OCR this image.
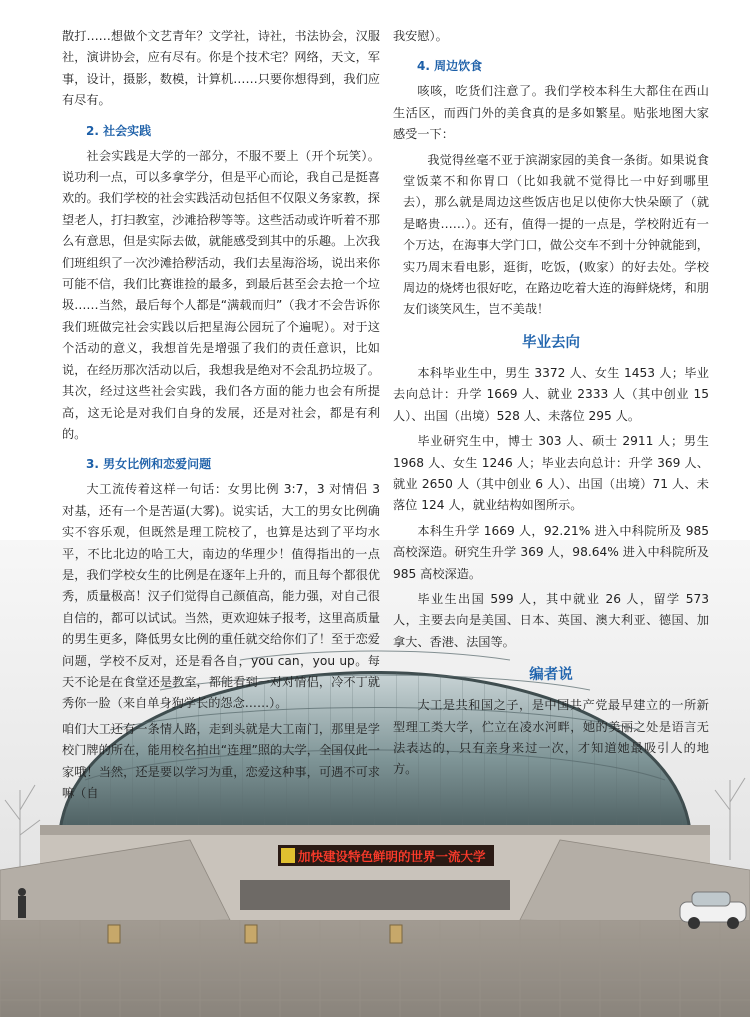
加快建设特色鲜明的世界一流大学

散打……想做个文艺青年？文学社，诗社，书法协会，汉服社，演讲协会，应有尽有。你是个技术宅？网络，天文，军事，设计，摄影，数模，计算机……只要你想得到，我们应有尽有。

2. 社会实践

社会实践是大学的一部分，不服不要上（开个玩笑）。说功利一点，可以多拿学分，但是平心而论，我自己是挺喜欢的。我们学校的社会实践活动包括但不仅限义务家教，探望老人，打扫教室，沙滩拾秽等等。这些活动或许听着不那么有意思，但是实际去做，就能感受到其中的乐趣。上次我们班组织了一次沙滩拾秽活动，我们去星海浴场，说出来你可能不信，我们比赛谁捡的最多，到最后甚至会去抢一个垃圾……当然，最后每个人都是“满载而归”（我才不会告诉你我们班做完社会实践以后把星海公园玩了个遍呢）。对于这个活动的意义，我想首先是增强了我们的责任意识，比如说，在经历那次活动以后，我想我是绝对不会乱扔垃圾了。其次，经过这些社会实践，我们各方面的能力也会有所提高，这无论是对我们自身的发展，还是对社会，都是有利的。

3. 男女比例和恋爱问题

大工流传着这样一句话：女男比例 3:7，3 对情侣 3 对基，还有一个是苦逼(大雾)。说实话，大工的男女比例确实不容乐观，但既然是理工院校了，也算是达到了平均水平，不比北边的哈工大，南边的华理少！值得指出的一点是，我们学校女生的比例是在逐年上升的，而且每个都很优秀，质量极高！汉子们觉得自己颜值高，能力强，对自己很自信的，都可以试试。当然，更欢迎妹子报考，这里高质量的男生更多，降低男女比例的重任就交给你们了！至于恋爱问题，学校不反对，还是看各自，you can，you up。每天不论是在食堂还是教室，都能看到一对对情侣，冷不丁就秀你一脸（来自单身狗学长的怨念……）。

咱们大工还有一条情人路，走到头就是大工南门，那里是学校门牌的所在，能用校名拍出“连理”照的大学，全国仅此一家哦！当然，还是要以学习为重，恋爱这种事，可遇不可求嘛（自

我安慰）。

4. 周边饮食

咳咳，吃货们注意了。我们学校本科生大都住在西山生活区，而西门外的美食真的是多如繁星。贴张地图大家感受一下：

我觉得丝毫不亚于滨湖家园的美食一条街。如果说食堂饭菜不和你胃口（比如我就不觉得比一中好到哪里去），那么就是周边这些饭店也足以使你大快朵颐了（就是略贵……）。还有，值得一提的一点是，学校附近有一个万达，在海事大学门口，做公交车不到十分钟就能到，实乃周末看电影，逛街，吃饭，(败家）的好去处。学校周边的烧烤也很好吃，在路边吃着大连的海鲜烧烤，和朋友们谈笑风生，岂不美哉！

毕业去向

本科毕业生中，男生 3372 人、女生 1453 人；毕业去向总计：升学 1669 人、就业 2333 人（其中创业 15 人）、出国（出境）528 人、未落位 295 人。

毕业研究生中，博士 303 人、硕士 2911 人；男生 1968 人、女生 1246 人；毕业去向总计：升学 369 人、就业 2650 人（其中创业 6 人）、出国（出境）71 人、未落位 124 人，就业结构如图所示。

本科生升学 1669 人，92.21% 进入中科院所及 985 高校深造。研究生升学 369 人，98.64% 进入中科院所及 985 高校深造。

毕业生出国 599 人，其中就业 26 人，留学 573 人，主要去向是美国、日本、英国、澳大利亚、德国、加拿大、香港、法国等。

编者说

大工是共和国之子，是中国共产党最早建立的一所新型理工类大学，伫立在凌水河畔，她的美丽之处是语言无法表达的，只有亲身来过一次，才知道她最吸引人的地方。
